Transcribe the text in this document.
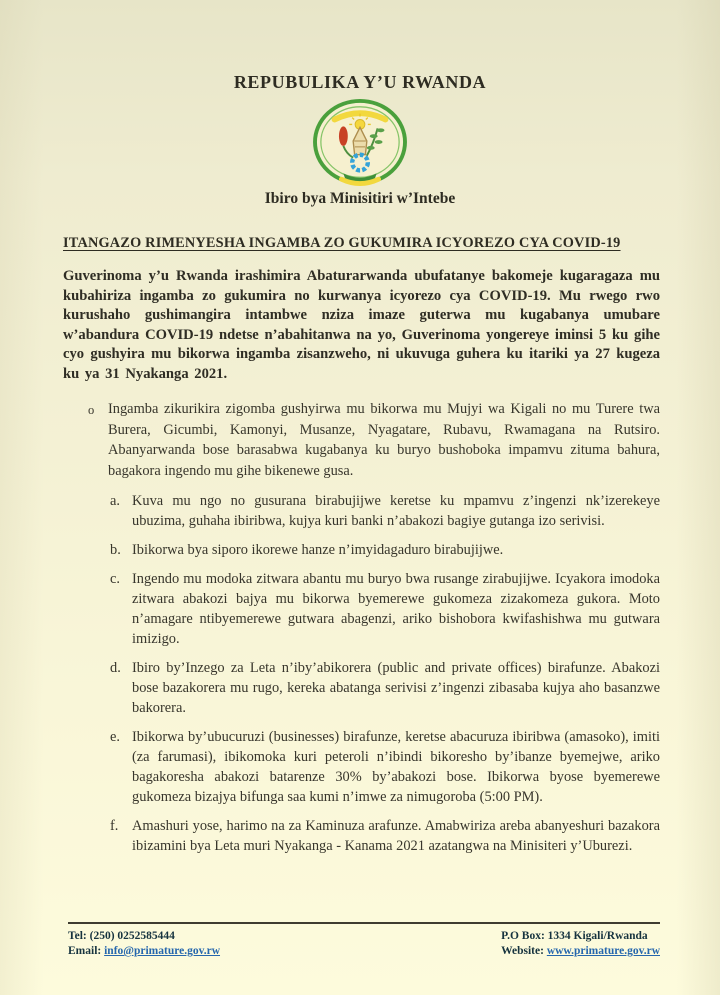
REPUBULIKA Y’U RWANDA
Ibiro bya Minisitiri w’Intebe
ITANGAZO RIMENYESHA INGAMBA ZO GUKUMIRA ICYOREZO CYA COVID-19

Guverinoma y’u Rwanda irashimira Abaturarwanda ubufatanye bakomeje kugaragaza mu kubahiriza ingamba zo gukumira no kurwanya icyorezo cya COVID-19. Mu rwego rwo kurushaho gushimangira intambwe nziza imaze guterwa mu kugabanya umubare w’abandura COVID-19 ndetse n’abahitanwa na yo, Guverinoma yongereye iminsi 5 ku gihe cyo gushyira mu bikorwa ingamba zisanzweho, ni ukuvuga guhera ku itariki ya 27 kugeza ku ya 31 Nyakanga 2021.

o Ingamba zikurikira zigomba gushyirwa mu bikorwa mu Mujyi wa Kigali no mu Turere twa Burera, Gicumbi, Kamonyi, Musanze, Nyagatare, Rubavu, Rwamagana na Rutsiro. Abanyarwanda bose barasabwa kugabanya ku buryo bushoboka impamvu zituma bahura, bagakora ingendo mu gihe bikenewe gusa.
a. Kuva mu ngo no gusurana birabujijwe keretse ku mpamvu z’ingenzi nk’izerekeye ubuzima, guhaha ibiribwa, kujya kuri banki n’abakozi bagiye gutanga izo serivisi.
b. Ibikorwa bya siporo ikorewe hanze n’imyidagaduro birabujijwe.
c. Ingendo mu modoka zitwara abantu mu buryo bwa rusange zirabujijwe. Icyakora imodoka zitwara abakozi bajya mu bikorwa byemerewe gukomeza zizakomeza gukora. Moto n’amagare ntibyemerewe gutwara abagenzi, ariko bishobora kwifashishwa mu gutwara imizigo.
d. Ibiro by’Inzego za Leta n’iby’abikorera (public and private offices) birafunze. Abakozi bose bazakorera mu rugo, kereka abatanga serivisi z’ingenzi zibasaba kujya aho basanzwe bakorera.
e. Ibikorwa by’ubucuruzi (businesses) birafunze, keretse abacuruza ibiribwa (amasoko), imiti (za farumasi), ibikomoka kuri peteroli n’ibindi bikoresho by’ibanze byemejwe, ariko bagakoresha abakozi batarenze 30% by’abakozi bose. Ibikorwa byose byemerewe gukomeza bizajya bifunga saa kumi n’imwe za nimugoroba (5:00 PM).
f. Amashuri yose, harimo na za Kaminuza arafunze. Amabwiriza areba abanyeshuri bazakora ibizamini bya Leta muri Nyakanga - Kanama 2021 azatangwa na Minisiteri y’Uburezi.
Tel: (250) 0252585444
Email: info@primature.gov.rw
P.O Box: 1334 Kigali/Rwanda
Website: www.primature.gov.rw
